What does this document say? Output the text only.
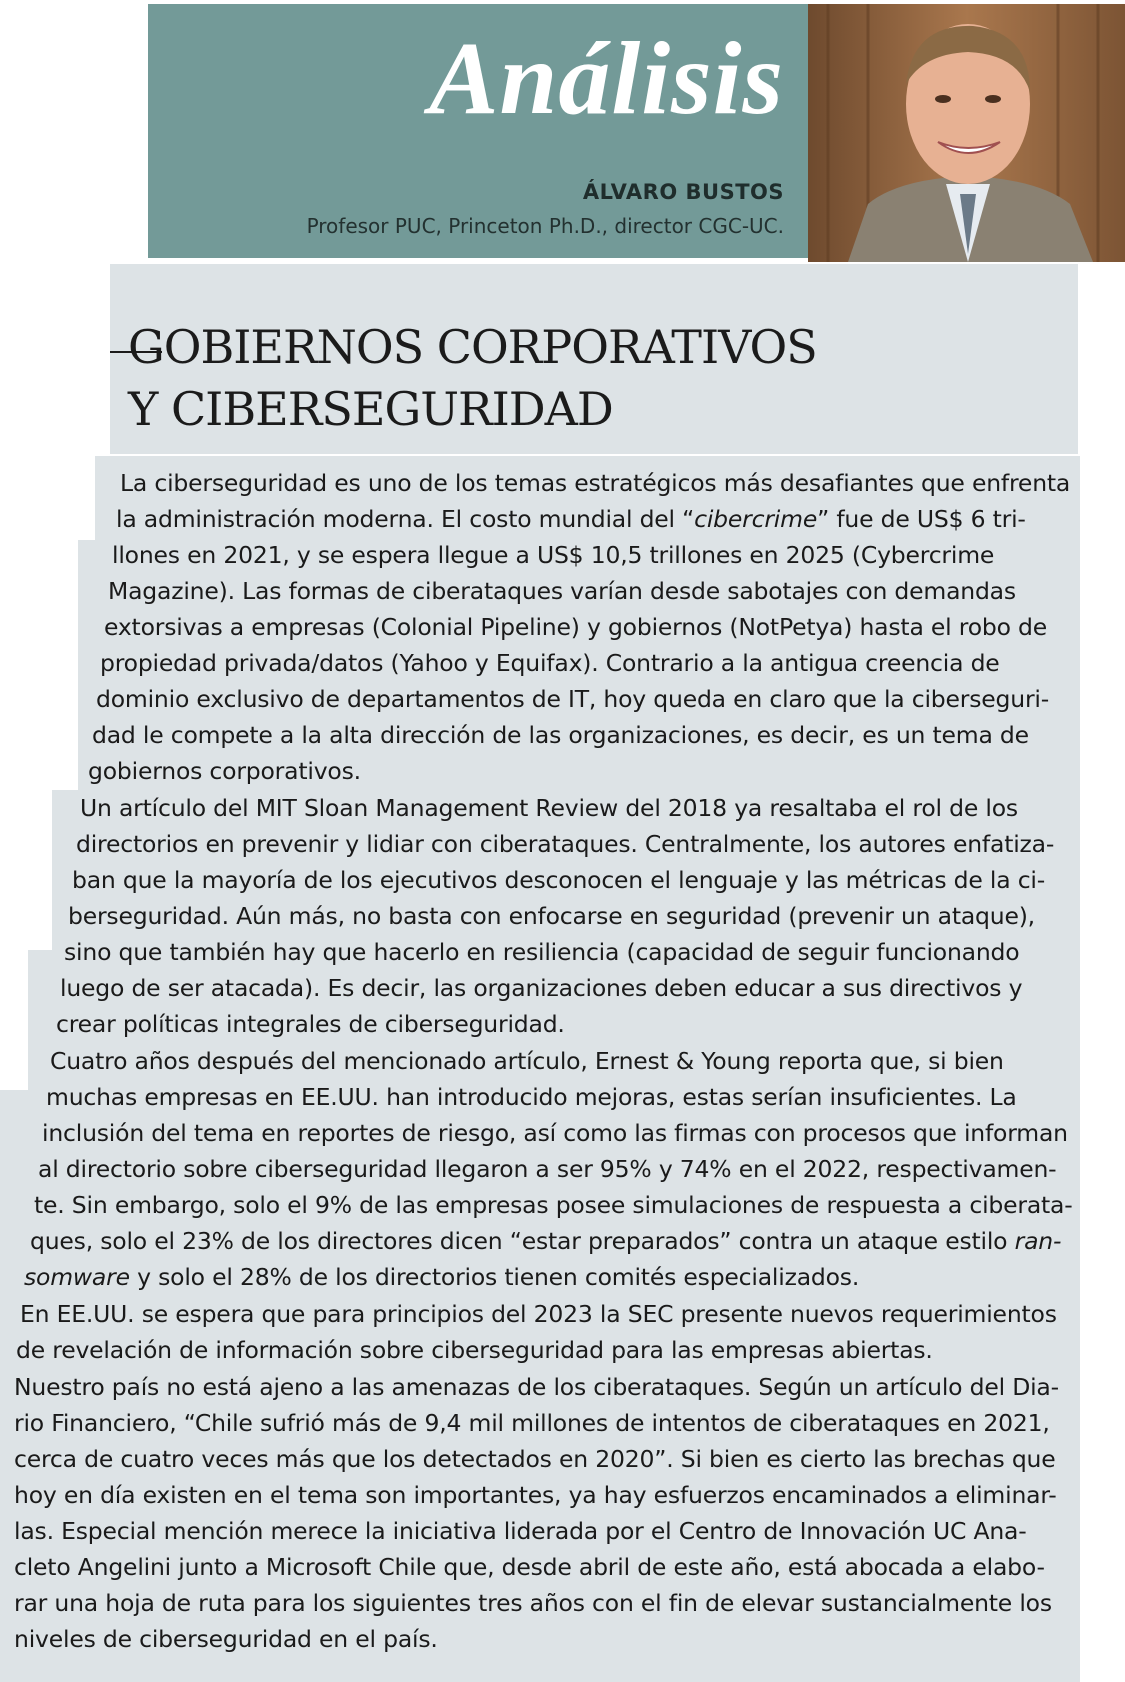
Análisis
ÁLVARO BUSTOS
Profesor PUC, Princeton Ph.D., director CGC-UC.
GOBIERNOS CORPORATIVOS
Y CIBERSEGURIDAD

La ciberseguridad es uno de los temas estratégicos más desafiantes que enfrenta

la administración moderna. El costo mundial del “cibercrime” fue de US$ 6 tri-

llones en 2021, y se espera llegue a US$ 10,5 trillones en 2025 (Cybercrime

Magazine). Las formas de ciberataques varían desde sabotajes con demandas

extorsivas a empresas (Colonial Pipeline) y gobiernos (NotPetya) hasta el robo de

propiedad privada/datos (Yahoo y Equifax). Contrario a la antigua creencia de

dominio exclusivo de departamentos de IT, hoy queda en claro que la ciberseguri-

dad le compete a la alta dirección de las organizaciones, es decir, es un tema de

gobiernos corporativos.

Un artículo del MIT Sloan Management Review del 2018 ya resaltaba el rol de los

directorios en prevenir y lidiar con ciberataques. Centralmente, los autores enfatiza-

ban que la mayoría de los ejecutivos desconocen el lenguaje y las métricas de la ci-

berseguridad. Aún más, no basta con enfocarse en seguridad (prevenir un ataque),

sino que también hay que hacerlo en resiliencia (capacidad de seguir funcionando

luego de ser atacada). Es decir, las organizaciones deben educar a sus directivos y

crear políticas integrales de ciberseguridad.

Cuatro años después del mencionado artículo, Ernest & Young reporta que, si bien

muchas empresas en EE.UU. han introducido mejoras, estas serían insuficientes. La

inclusión del tema en reportes de riesgo, así como las firmas con procesos que informan

al directorio sobre ciberseguridad llegaron a ser 95% y 74% en el 2022, respectivamen-

te. Sin embargo, solo el 9% de las empresas posee simulaciones de respuesta a ciberata-

ques, solo el 23% de los directores dicen “estar preparados” contra un ataque estilo ran-

somware y solo el 28% de los directorios tienen comités especializados.

En EE.UU. se espera que para principios del 2023 la SEC presente nuevos requerimientos

de revelación de información sobre ciberseguridad para las empresas abiertas.

Nuestro país no está ajeno a las amenazas de los ciberataques. Según un artículo del Dia-

rio Financiero, “Chile sufrió más de 9,4 mil millones de intentos de ciberataques en 2021,

cerca de cuatro veces más que los detectados en 2020”. Si bien es cierto las brechas que

hoy en día existen en el tema son importantes, ya hay esfuerzos encaminados a eliminar-

las. Especial mención merece la iniciativa liderada por el Centro de Innovación UC Ana-

cleto Angelini junto a Microsoft Chile que, desde abril de este año, está abocada a elabo-

rar una hoja de ruta para los siguientes tres años con el fin de elevar sustancialmente los

niveles de ciberseguridad en el país.
